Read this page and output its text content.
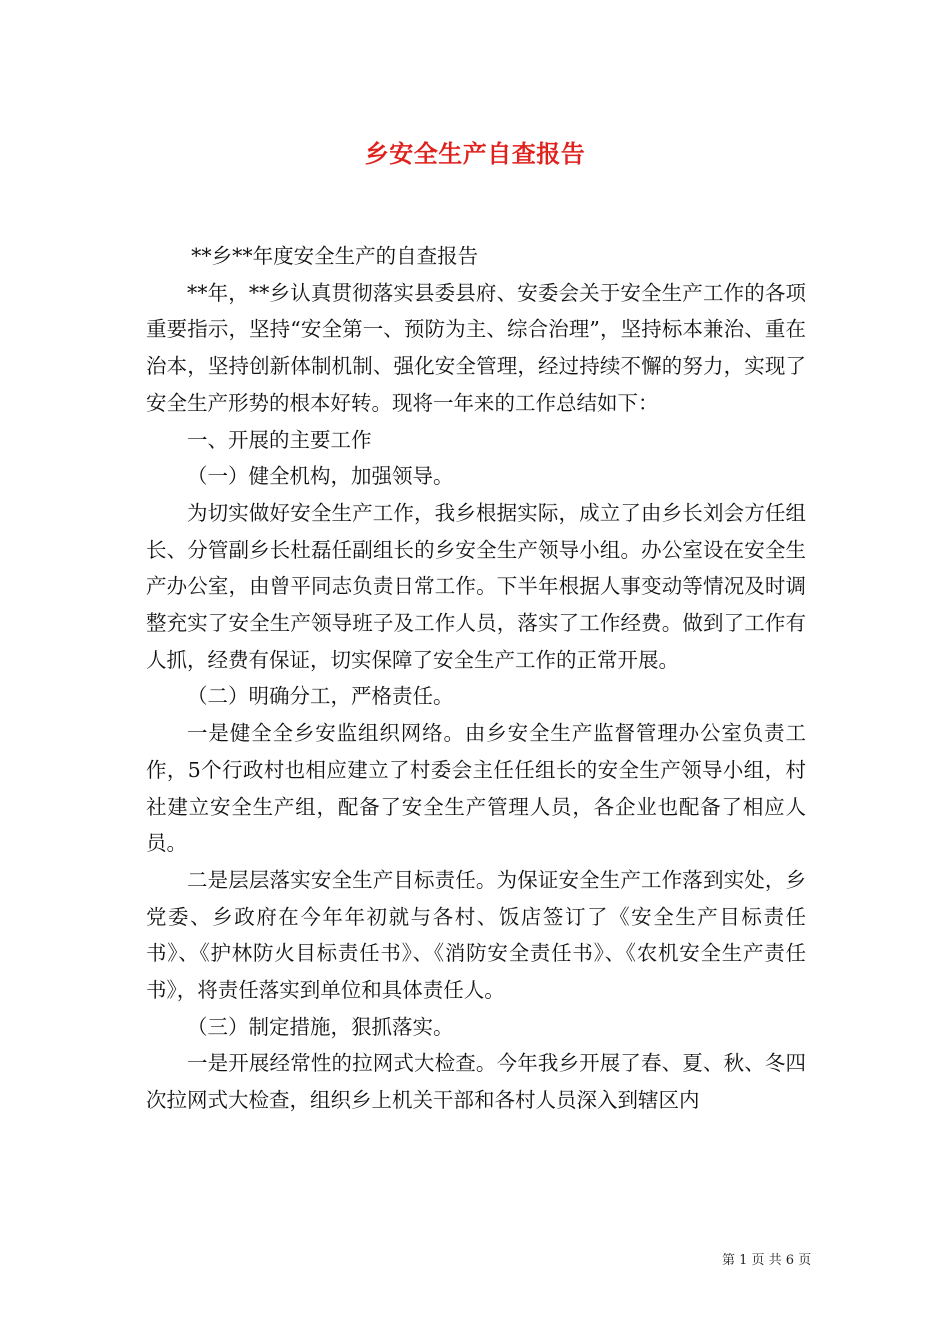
乡安全生产自查报告

**乡**年度安全生产的自查报告

**年，**乡认真贯彻落实县委县府、安委会关于安全生产工作的各项重要指示，坚持“安全第一、预防为主、综合治理”，坚持标本兼治、重在治本，坚持创新体制机制、强化安全管理，经过持续不懈的努力，实现了安全生产形势的根本好转。现将一年来的工作总结如下：

一、开展的主要工作

（一）健全机构，加强领导。

为切实做好安全生产工作，我乡根据实际，成立了由乡长刘会方任组长、分管副乡长杜磊任副组长的乡安全生产领导小组。办公室设在安全生产办公室，由曾平同志负责日常工作。下半年根据人事变动等情况及时调整充实了安全生产领导班子及工作人员，落实了工作经费。做到了工作有人抓，经费有保证，切实保障了安全生产工作的正常开展。

（二）明确分工，严格责任。

一是健全全乡安监组织网络。由乡安全生产监督管理办公室负责工作，5个行政村也相应建立了村委会主任任组长的安全生产领导小组，村社建立安全生产组，配备了安全生产管理人员，各企业也配备了相应人员。

二是层层落实安全生产目标责任。为保证安全生产工作落到实处，乡党委、乡政府在今年年初就与各村、饭店签订了《安全生产目标责任书》、《护林防火目标责任书》、《消防安全责任书》、《农机安全生产责任书》，将责任落实到单位和具体责任人。

（三）制定措施，狠抓落实。

一是开展经常性的拉网式大检查。今年我乡开展了春、夏、秋、冬四次拉网式大检查，组织乡上机关干部和各村人员深入到辖区内

第 1 页 共 6 页
